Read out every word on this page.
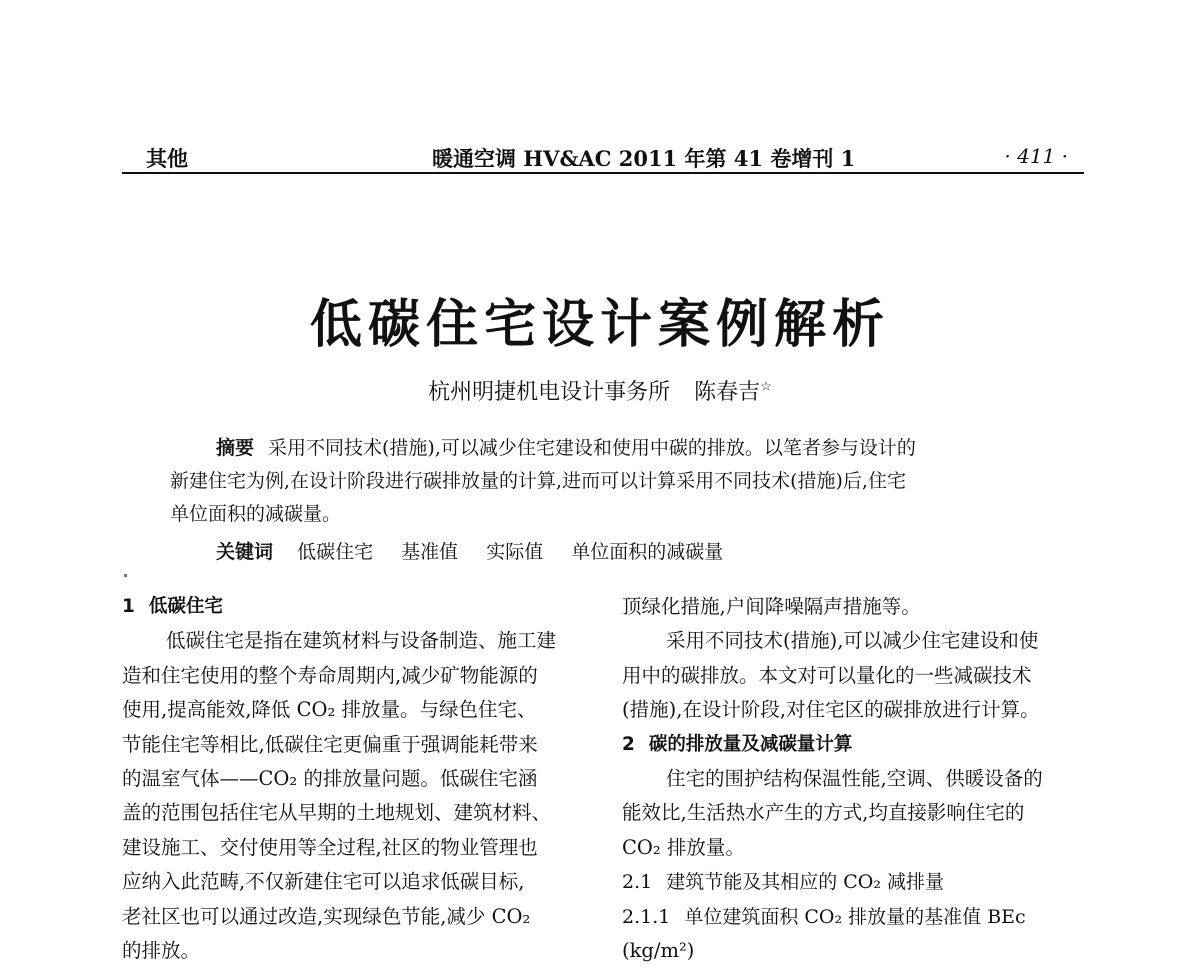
其他	暖通空调 HV&AC 2011 年第 41 卷增刊 1	· 411 ·
低碳住宅设计案例解析
杭州明捷机电设计事务所 陈春吉☆
摘要 采用不同技术(措施),可以减少住宅建设和使用中碳的排放。以笔者参与设计的
新建住宅为例,在设计阶段进行碳排放量的计算,进而可以计算采用不同技术(措施)后,住宅
单位面积的减碳量。
关键词 低碳住宅 基准值 实际值 单位面积的减碳量
1 低碳住宅
低碳住宅是指在建筑材料与设备制造、施工建
造和住宅使用的整个寿命周期内,减少矿物能源的
使用,提高能效,降低 CO₂ 排放量。与绿色住宅、
节能住宅等相比,低碳住宅更偏重于强调能耗带来
的温室气体——CO₂ 的排放量问题。低碳住宅涵
盖的范围包括住宅从早期的土地规划、建筑材料、
建设施工、交付使用等全过程,社区的物业管理也
应纳入此范畴,不仅新建住宅可以追求低碳目标,
老社区也可以通过改造,实现绿色节能,减少 CO₂
的排放。
顶绿化措施,户间降噪隔声措施等。
采用不同技术(措施),可以减少住宅建设和使
用中的碳排放。本文对可以量化的一些减碳技术
(措施),在设计阶段,对住宅区的碳排放进行计算。
2 碳的排放量及减碳量计算
住宅的围护结构保温性能,空调、供暖设备的
能效比,生活热水产生的方式,均直接影响住宅的
CO₂ 排放量。
2.1 建筑节能及其相应的 CO₂ 减排量
2.1.1 单位建筑面积 CO₂ 排放量的基准值 BEc
(kg/m²)
